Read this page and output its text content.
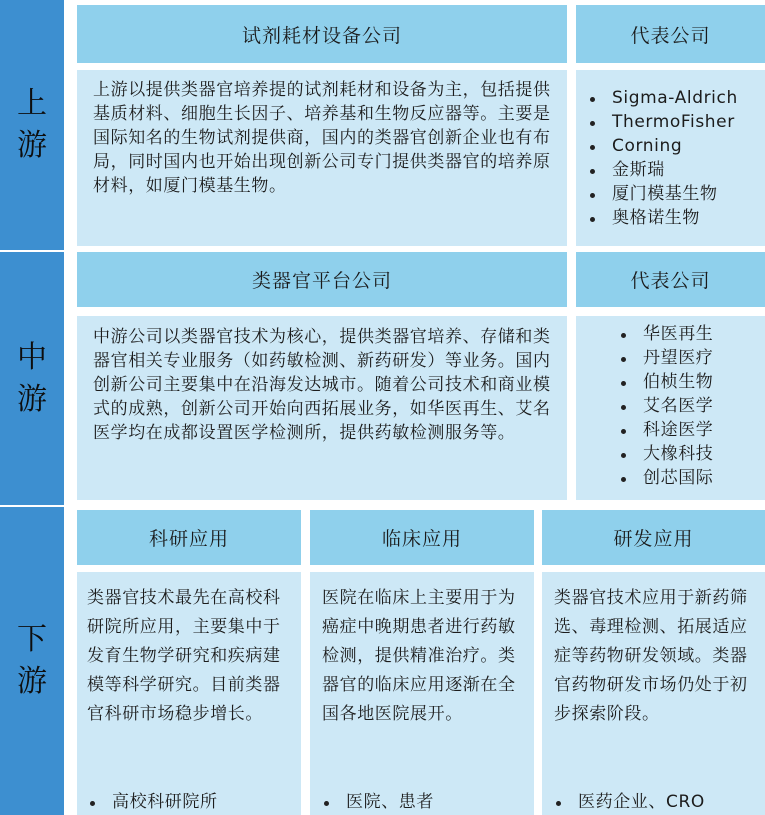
上
游
试剂耗材设备公司	代表公司

上游以提供类器官培养提的试剂耗材和设备为主，包括提供基质材料、细胞生长因子、培养基和生物反应器等。主要是国际知名的生物试剂提供商，国内的类器官创新企业也有布局，同时国内也开始出现创新公司专门提供类器官的培养原材料，如厦门模基生物。

Sigma-Aldrich
ThermoFisher
Corning
金斯瑞
厦门模基生物
奥格诺生物
中
游
类器官平台公司	代表公司

中游公司以类器官技术为核心，提供类器官培养、存储和类器官相关专业服务（如药敏检测、新药研发）等业务。国内创新公司主要集中在沿海发达城市。随着公司技术和商业模式的成熟，创新公司开始向西拓展业务，如华医再生、艾名医学均在成都设置医学检测所，提供药敏检测服务等。

华医再生
丹望医疗
伯桢生物
艾名医学
科途医学
大橡科技
创芯国际
下
游
科研应用

类器官技术最先在高校科研院所应用，主要集中于发育生物学研究和疾病建模等科学研究。目前类器官科研市场稳步增长。

高校科研院所
临床应用

医院在临床上主要用于为癌症中晚期患者进行药敏检测，提供精准治疗。类器官的临床应用逐渐在全国各地医院展开。

医院、患者
研发应用

类器官技术应用于新药筛选、毒理检测、拓展适应症等药物研发领域。类器官药物研发市场仍处于初步探索阶段。

医药企业、CRO
